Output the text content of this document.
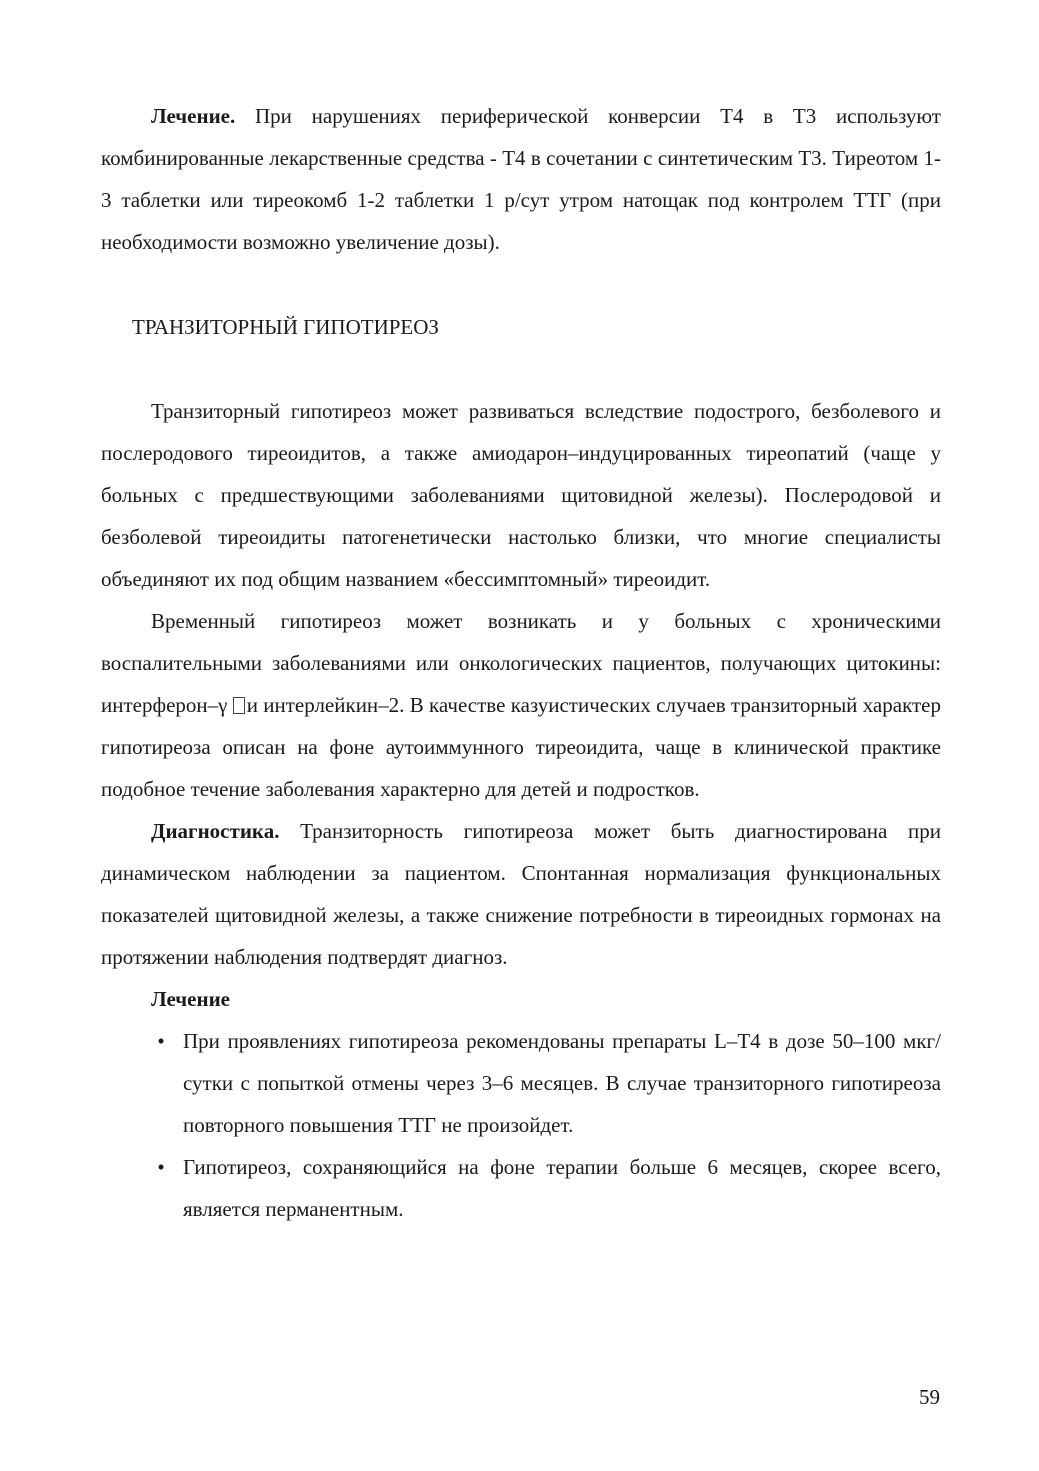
Лечение. При нарушениях периферической конверсии Т4 в Т3 используют комбинированные лекарственные средства - Т4 в сочетании с синтетическим Т3. Тиреотом 1-3 таблетки или тиреокомб 1-2 таблетки 1 р/сут утром натощак под контролем ТТГ (при необходимости возможно увеличение дозы).

ТРАНЗИТОРНЫЙ ГИПОТИРЕОЗ

Транзиторный гипотиреоз может развиваться вследствие подострого, безболевого и послеродового тиреоидитов, а также амиодарон–индуцированных тиреопатий (чаще у больных с предшествующими заболеваниями щитовидной железы). Послеродовой и безболевой тиреоидиты патогенетически настолько близки, что многие специалисты объединяют их под общим названием «бессимптомный» тиреоидит.

Временный гипотиреоз может возникать и у больных с хроническими воспалительными заболеваниями или онкологических пациентов, получающих цитокины: интерферон–γ и интерлейкин–2. В качестве казуистических случаев транзиторный характер гипотиреоза описан на фоне аутоиммунного тиреоидита, чаще в клинической практике подобное течение заболевания характерно для детей и подростков.

Диагностика. Транзиторность гипотиреоза может быть диагностирована при динамическом наблюдении за пациентом. Спонтанная нормализация функциональных показателей щитовидной железы, а также снижение потребности в тиреоидных гормонах на протяжении наблюдения подтвердят диагноз.

Лечение

• При проявлениях гипотиреоза рекомендованы препараты L–T4 в дозе 50–100 мкг/сутки с попыткой отмены через 3–6 месяцев. В случае транзиторного гипотиреоза повторного повышения ТТГ не произойдет.
• Гипотиреоз, сохраняющийся на фоне терапии больше 6 месяцев, скорее всего, является перманентным.
59
